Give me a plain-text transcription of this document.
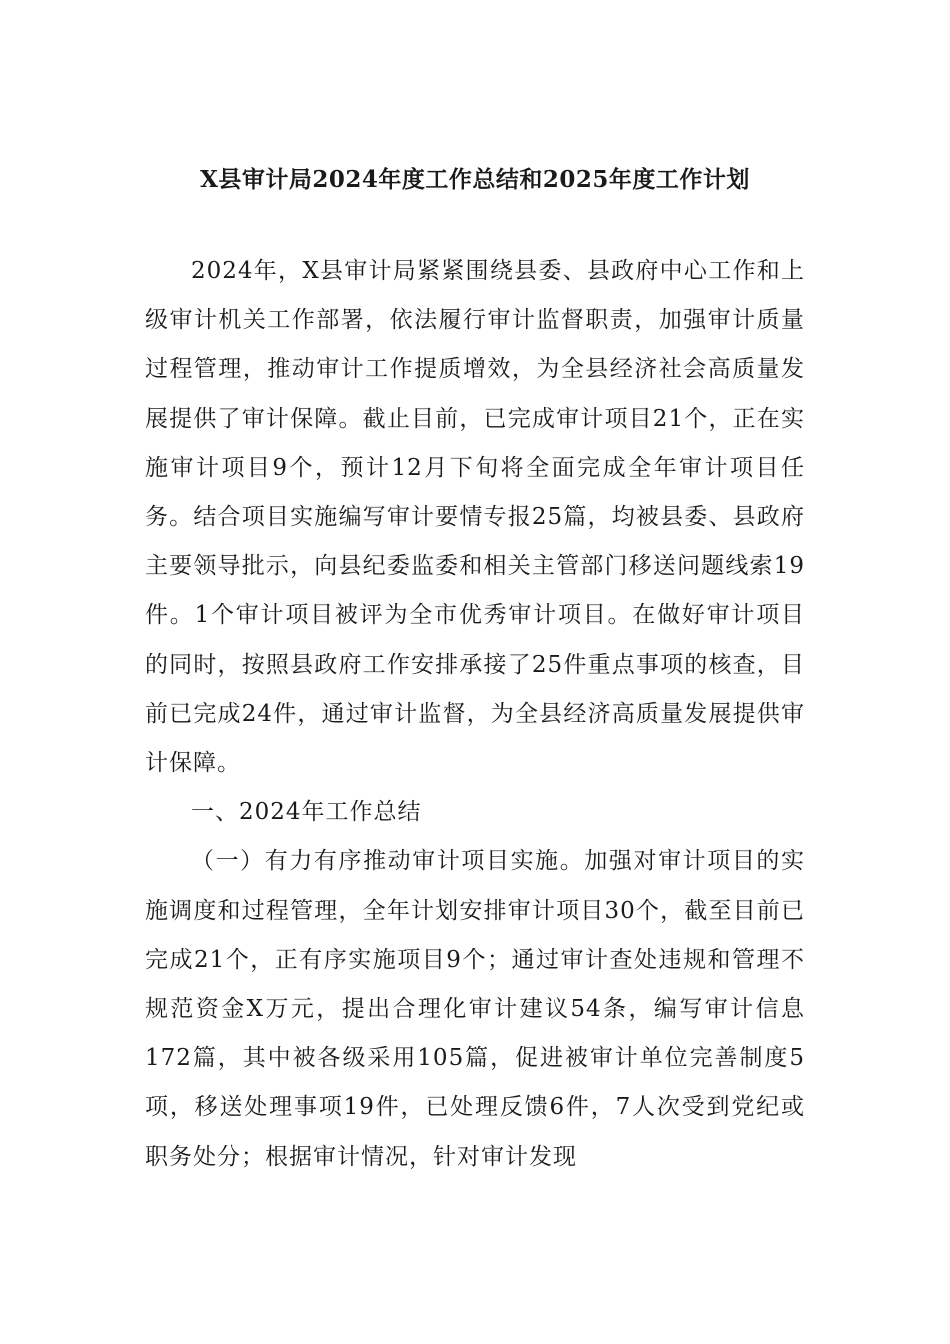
X县审计局2024年度工作总结和2025年度工作计划

2024年，X县审计局紧紧围绕县委、县政府中心工作和上级审计机关工作部署，依法履行审计监督职责，加强审计质量过程管理，推动审计工作提质增效，为全县经济社会高质量发展提供了审计保障。截止目前，已完成审计项目21个，正在实施审计项目9个，预计12月下旬将全面完成全年审计项目任务。结合项目实施编写审计要情专报25篇，均被县委、县政府主要领导批示，向县纪委监委和相关主管部门移送问题线索19件。1个审计项目被评为全市优秀审计项目。在做好审计项目的同时，按照县政府工作安排承接了25件重点事项的核查，目前已完成24件，通过审计监督，为全县经济高质量发展提供审计保障。

一、2024年工作总结

（一）有力有序推动审计项目实施。加强对审计项目的实施调度和过程管理，全年计划安排审计项目30个，截至目前已完成21个，正有序实施项目9个；通过审计查处违规和管理不规范资金X万元，提出合理化审计建议54条，编写审计信息172篇，其中被各级采用105篇，促进被审计单位完善制度5项，移送处理事项19件，已处理反馈6件，7人次受到党纪或职务处分；根据审计情况，针对审计发现
